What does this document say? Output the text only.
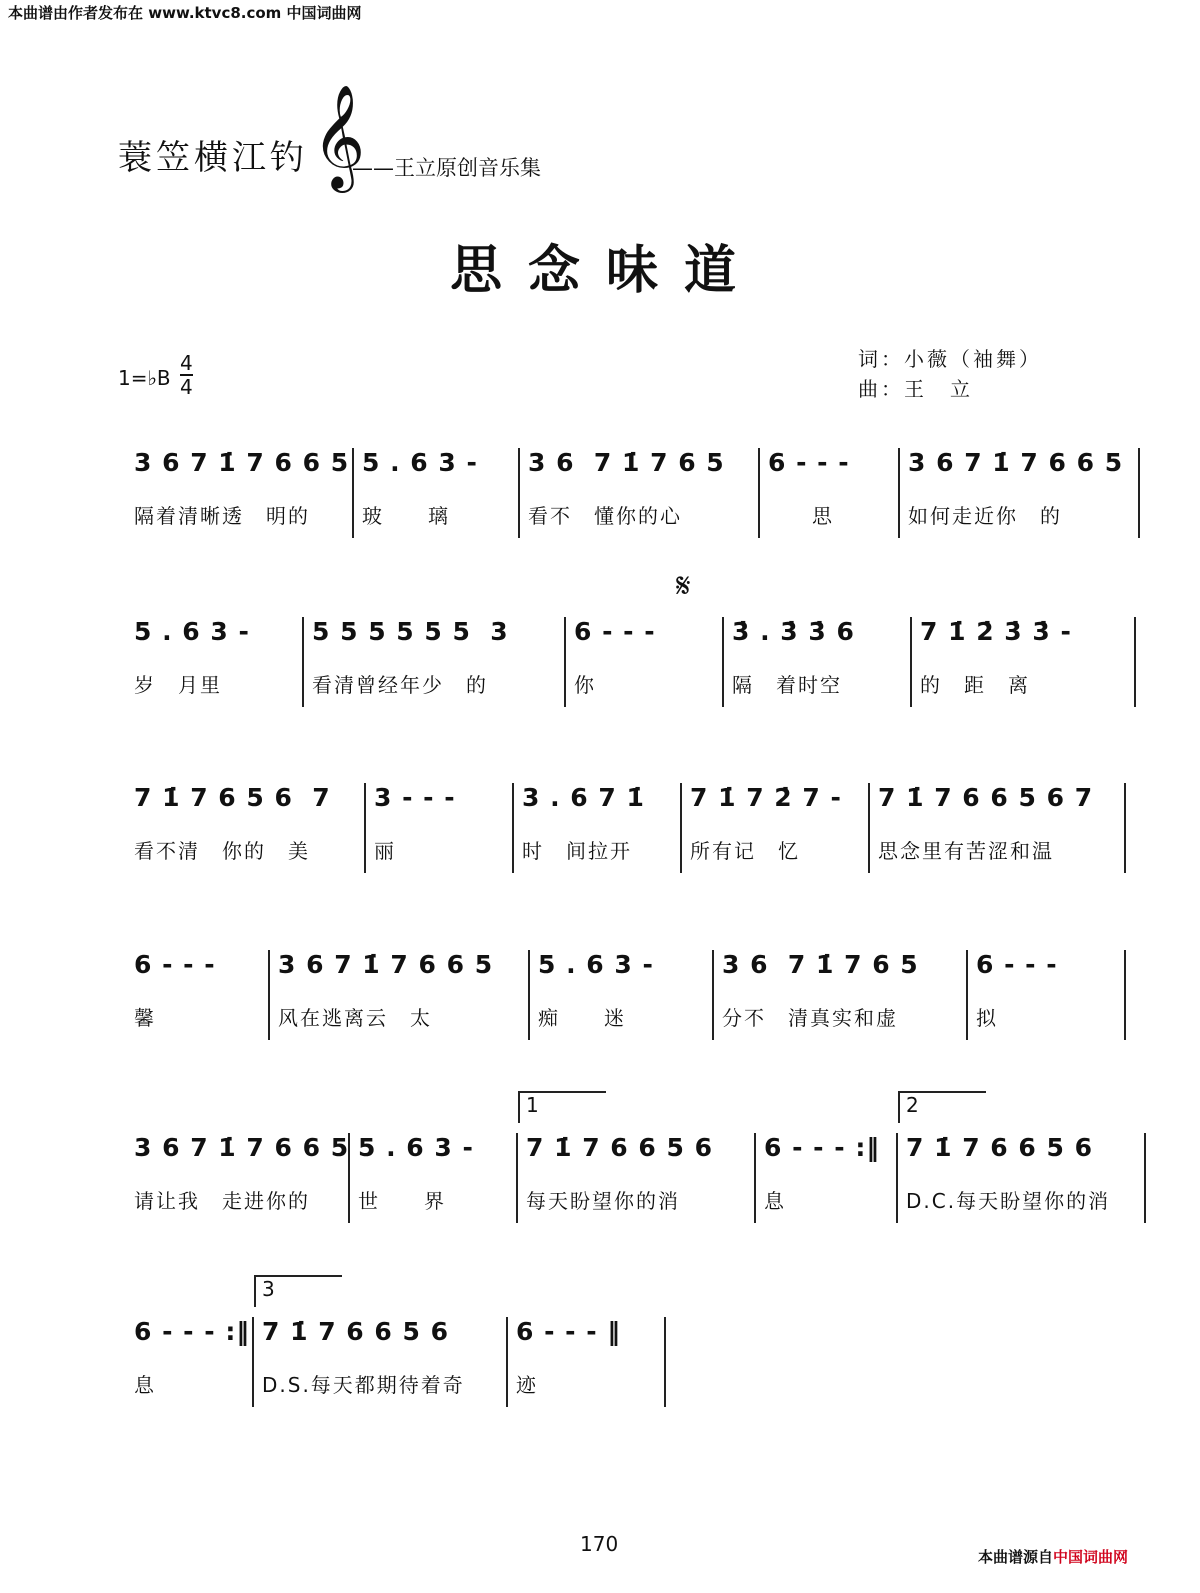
本曲谱由作者发布在 www.ktvc8.com 中国词曲网
蓑笠横江钓 𝄞
——王立原创音乐集
思念味道
1=♭B
4
4
词：小薇（袖舞）
曲：王　立
𝄋
3 6 7 1̇ 7 6 6 5
隔着清晰透　明的
5 . 6 3 -
玻　　璃
3 6  7 1̇ 7 6 5
看不　懂你的心
6 - - -
　　思
3 6 7 1̇ 7 6 6 5
如何走近你　的
5 . 6 3 -
岁　月里
5 5 5 5 5 5  3
看清曾经年少　的
6 - - -
你
3̇ . 3̇ 3̇ 6
隔　着时空
7 1̇ 2̇ 3̇ 3̇ -
的　距　离
7 1̇ 7 6 5 6  7
看不清　你的　美
3 - - -
丽
3 . 6 7 1̇
时　间拉开
7 1̇ 7 2̇ 7 -
所有记　忆
7 1̇ 7 6 6 5 6 7
思念里有苦涩和温
6 - - -
馨
3 6 7 1̇ 7 6 6 5
风在逃离云　太
5 . 6 3 -
痴　　迷
3 6  7 1̇ 7 6 5
分不　清真实和虚
6 - - -
拟
3 6 7 1̇ 7 6 6 5
请让我　走进你的
5 . 6 3 -
世　　界
1
7 1̇ 7 6 6 5 6
每天盼望你的消
6 - - - :‖
息
2
7 1̇ 7 6 6 5 6
D.C.每天盼望你的消
6 - - - :‖
息
3
7 1̇ 7 6 6 5 6
D.S.每天都期待着奇
6 - - - ‖
迹
170
本曲谱源自中国词曲网
